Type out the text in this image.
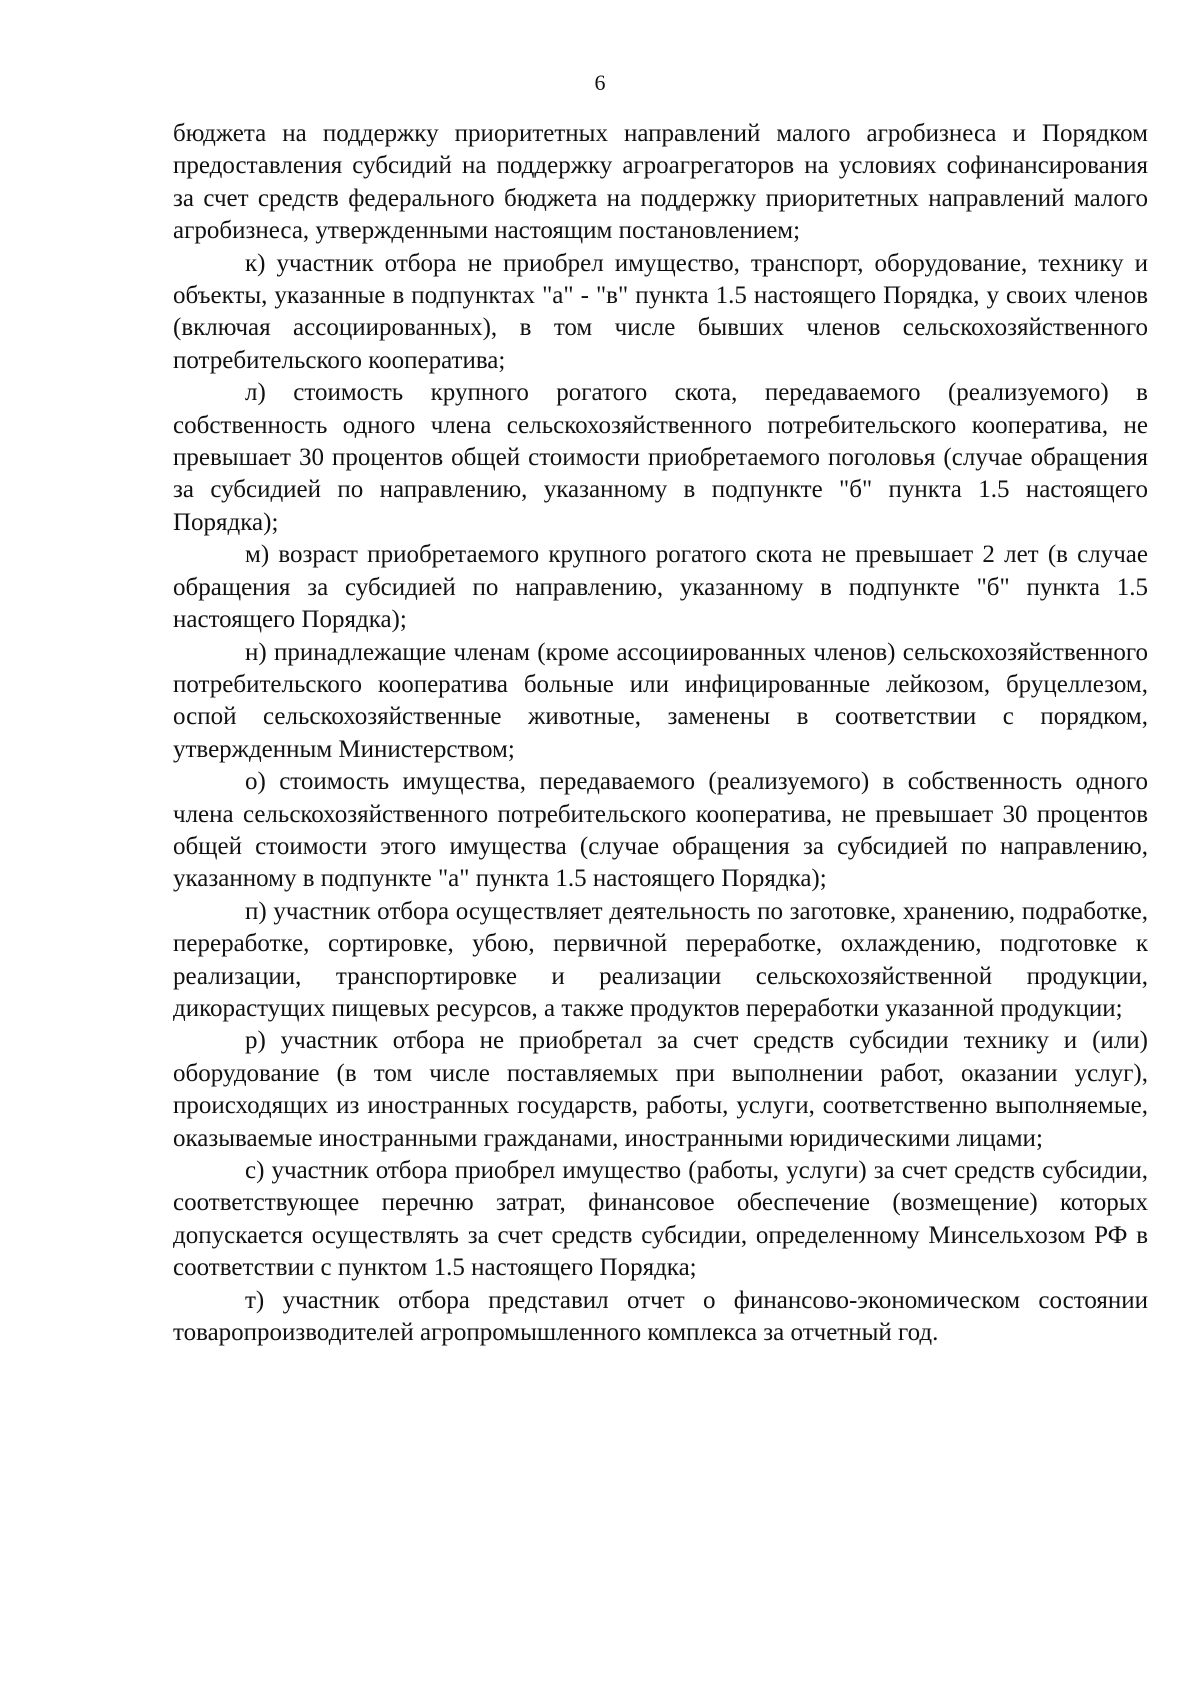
6

бюджета на поддержку приоритетных направлений малого агробизнеса и Порядком предоставления субсидий на поддержку агроагрегаторов на условиях софинансирования за счет средств федерального бюджета на поддержку приоритетных направлений малого агробизнеса, утвержденными настоящим постановлением;

к) участник отбора не приобрел имущество, транспорт, оборудование, технику и объекты, указанные в подпунктах "а" - "в" пункта 1.5 настоящего Порядка, у своих членов (включая ассоциированных), в том числе бывших членов сельскохозяйственного потребительского кооператива;

л) стоимость крупного рогатого скота, передаваемого (реализуемого) в собственность одного члена сельскохозяйственного потребительского кооператива, не превышает 30 процентов общей стоимости приобретаемого поголовья (случае обращения за субсидией по направлению, указанному в подпункте "б" пункта 1.5 настоящего Порядка);

м) возраст приобретаемого крупного рогатого скота не превышает 2 лет (в случае обращения за субсидией по направлению, указанному в подпункте "б" пункта 1.5 настоящего Порядка);

н) принадлежащие членам (кроме ассоциированных членов) сельскохозяйственного потребительского кооператива больные или инфицированные лейкозом, бруцеллезом, оспой сельскохозяйственные животные, заменены в соответствии с порядком, утвержденным Министерством;

о) стоимость имущества, передаваемого (реализуемого) в собственность одного члена сельскохозяйственного потребительского кооператива, не превышает 30 процентов общей стоимости этого имущества (случае обращения за субсидией по направлению, указанному в подпункте "а" пункта 1.5 настоящего Порядка);

п) участник отбора осуществляет деятельность по заготовке, хранению, подработке, переработке, сортировке, убою, первичной переработке, охлаждению, подготовке к реализации, транспортировке и реализации сельскохозяйственной продукции, дикорастущих пищевых ресурсов, а также продуктов переработки указанной продукции;

р) участник отбора не приобретал за счет средств субсидии технику и (или) оборудование (в том числе поставляемых при выполнении работ, оказании услуг), происходящих из иностранных государств, работы, услуги, соответственно выполняемые, оказываемые иностранными гражданами, иностранными юридическими лицами;

с) участник отбора приобрел имущество (работы, услуги) за счет средств субсидии, соответствующее перечню затрат, финансовое обеспечение (возмещение) которых допускается осуществлять за счет средств субсидии, определенному Минсельхозом РФ в соответствии с пунктом 1.5 настоящего Порядка;

т) участник отбора представил отчет о финансово-экономическом состоянии товаропроизводителей агропромышленного комплекса за отчетный год.
